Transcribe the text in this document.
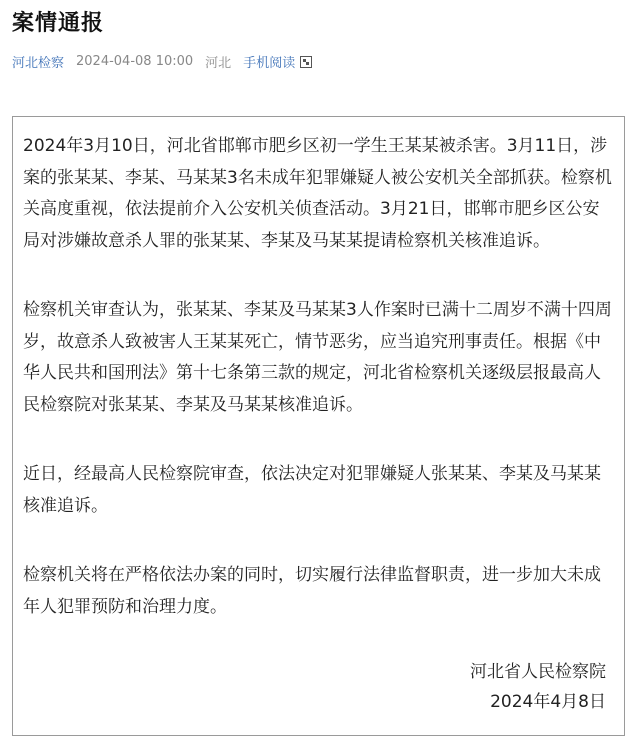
案情通报
河北检察 2024-04-08 10:00 河北 手机阅读

2024年3月10日，河北省邯郸市肥乡区初一学生王某某被杀害。3月11日，涉案的张某某、李某、马某某3名未成年犯罪嫌疑人被公安机关全部抓获。检察机关高度重视，依法提前介入公安机关侦查活动。3月21日，邯郸市肥乡区公安局对涉嫌故意杀人罪的张某某、李某及马某某提请检察机关核准追诉。

检察机关审查认为，张某某、李某及马某某3人作案时已满十二周岁不满十四周岁，故意杀人致被害人王某某死亡，情节恶劣，应当追究刑事责任。根据《中华人民共和国刑法》第十七条第三款的规定，河北省检察机关逐级层报最高人民检察院对张某某、李某及马某某核准追诉。

近日，经最高人民检察院审查，依法决定对犯罪嫌疑人张某某、李某及马某某核准追诉。

检察机关将在严格依法办案的同时，切实履行法律监督职责，进一步加大未成年人犯罪预防和治理力度。

河北省人民检察院
2024年4月8日
